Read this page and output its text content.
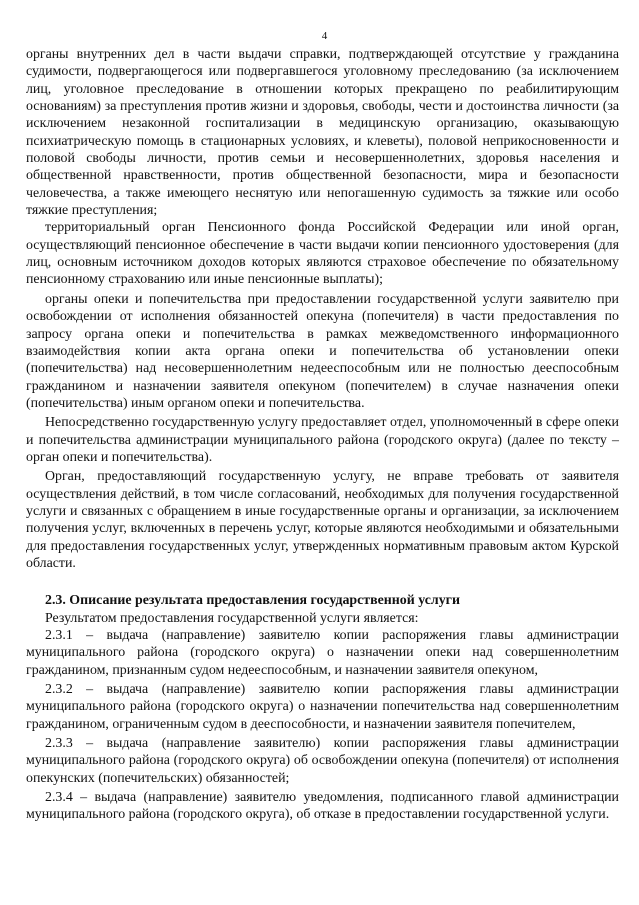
4

органы внутренних дел в части выдачи справки, подтверждающей отсутствие у гражданина судимости, подвергающегося или подвергавшегося уголовному преследованию (за исключением лиц, уголовное преследование в отношении которых прекращено по реабилитирующим основаниям) за преступления против жизни и здоровья, свободы, чести и достоинства личности (за исключением незаконной госпитализации в медицинскую организацию, оказывающую психиатрическую помощь в стационарных условиях, и клеветы), половой неприкосновенности и половой свободы личности, против семьи и несовершеннолетних, здоровья населения и общественной нравственности, против общественной безопасности, мира и безопасности человечества, а также имеющего неснятую или непогашенную судимость за тяжкие или особо тяжкие преступления;

территориальный орган Пенсионного фонда Российской Федерации или иной орган, осуществляющий пенсионное обеспечение в части выдачи копии пенсионного удостоверения (для лиц, основным источником доходов которых являются страховое обеспечение по обязательному пенсионному страхованию или иные пенсионные выплаты);

органы опеки и попечительства при предоставлении государственной услуги заявителю при освобождении от исполнения обязанностей опекуна (попечителя) в части предоставления по запросу органа опеки и попечительства в рамках межведомственного информационного взаимодействия копии акта органа опеки и попечительства об установлении опеки (попечительства) над несовершеннолетним недееспособным или не полностью дееспособным гражданином и назначении заявителя опекуном (попечителем) в случае назначения опеки (попечительства) иным органом опеки и попечительства.

Непосредственно государственную услугу предоставляет отдел, уполномоченный в сфере опеки и попечительства администрации муниципального района (городского округа) (далее по тексту – орган опеки и попечительства).

Орган, предоставляющий государственную услугу, не вправе требовать от заявителя осуществления действий, в том числе согласований, необходимых для получения государственной услуги и связанных с обращением в иные государственные органы и организации, за исключением получения услуг, включенных в перечень услуг, которые являются необходимыми и обязательными для предоставления государственных услуг, утвержденных нормативным правовым актом Курской области.

2.3. Описание результата предоставления государственной услуги

Результатом предоставления государственной услуги является:

2.3.1 – выдача (направление) заявителю копии распоряжения главы администрации муниципального района (городского округа) о назначении опеки над совершеннолетним гражданином, признанным судом недееспособным, и назначении заявителя опекуном,

2.3.2 – выдача (направление) заявителю копии распоряжения главы администрации муниципального района (городского округа) о назначении попечительства над совершеннолетним гражданином, ограниченным судом в дееспособности, и назначении заявителя попечителем,

2.3.3 – выдача (направление заявителю) копии распоряжения главы администрации муниципального района (городского округа) об освобождении опекуна (попечителя) от исполнения опекунских (попечительских) обязанностей;

2.3.4 – выдача (направление) заявителю уведомления, подписанного главой администрации муниципального района (городского округа), об отказе в предоставлении государственной услуги.
